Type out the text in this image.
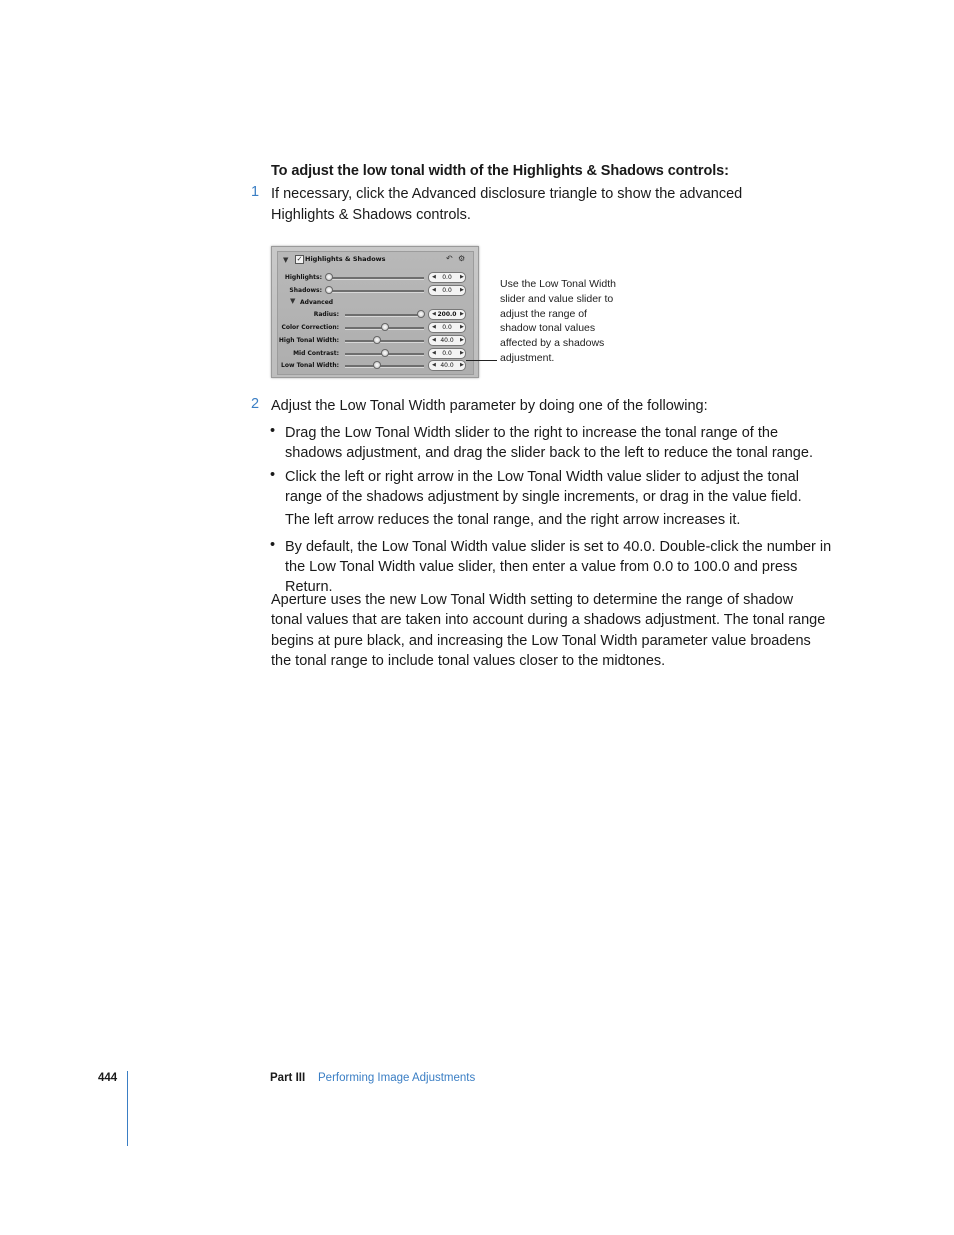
To adjust the low tonal width of the Highlights & Shadows controls:
1 If necessary, click the Advanced disclosure triangle to show the advanced
Highlights & Shadows controls.
▼ ✓ Highlights & Shadows	↶ ⚙
Highlights:	◀	0.0	▶
Shadows:	◀	0.0	▶
▼ Advanced
Radius:	◀ 200.0 ▶
Color Correction:	◀	0.0	▶
High Tonal Width:	◀ 40.0	▶
Mid Contrast:	◀	0.0	▶
Low Tonal Width:	◀ 40.0	▶
Use the Low Tonal Width
slider and value slider to
adjust the range of
shadow tonal values
affected by a shadows
adjustment.
2 Adjust the Low Tonal Width parameter by doing one of the following:
• Drag the Low Tonal Width slider to the right to increase the tonal range of the
shadows adjustment, and drag the slider back to the left to reduce the tonal range.
• Click the left or right arrow in the Low Tonal Width value slider to adjust the tonal
range of the shadows adjustment by single increments, or drag in the value field.
The left arrow reduces the tonal range, and the right arrow increases it.
• By default, the Low Tonal Width value slider is set to 40.0. Double-click the number in
the Low Tonal Width value slider, then enter a value from 0.0 to 100.0 and press Return.
Aperture uses the new Low Tonal Width setting to determine the range of shadow
tonal values that are taken into account during a shadows adjustment. The tonal range
begins at pure black, and increasing the Low Tonal Width parameter value broadens
the tonal range to include tonal values closer to the midtones.
444	Part III Performing Image Adjustments
